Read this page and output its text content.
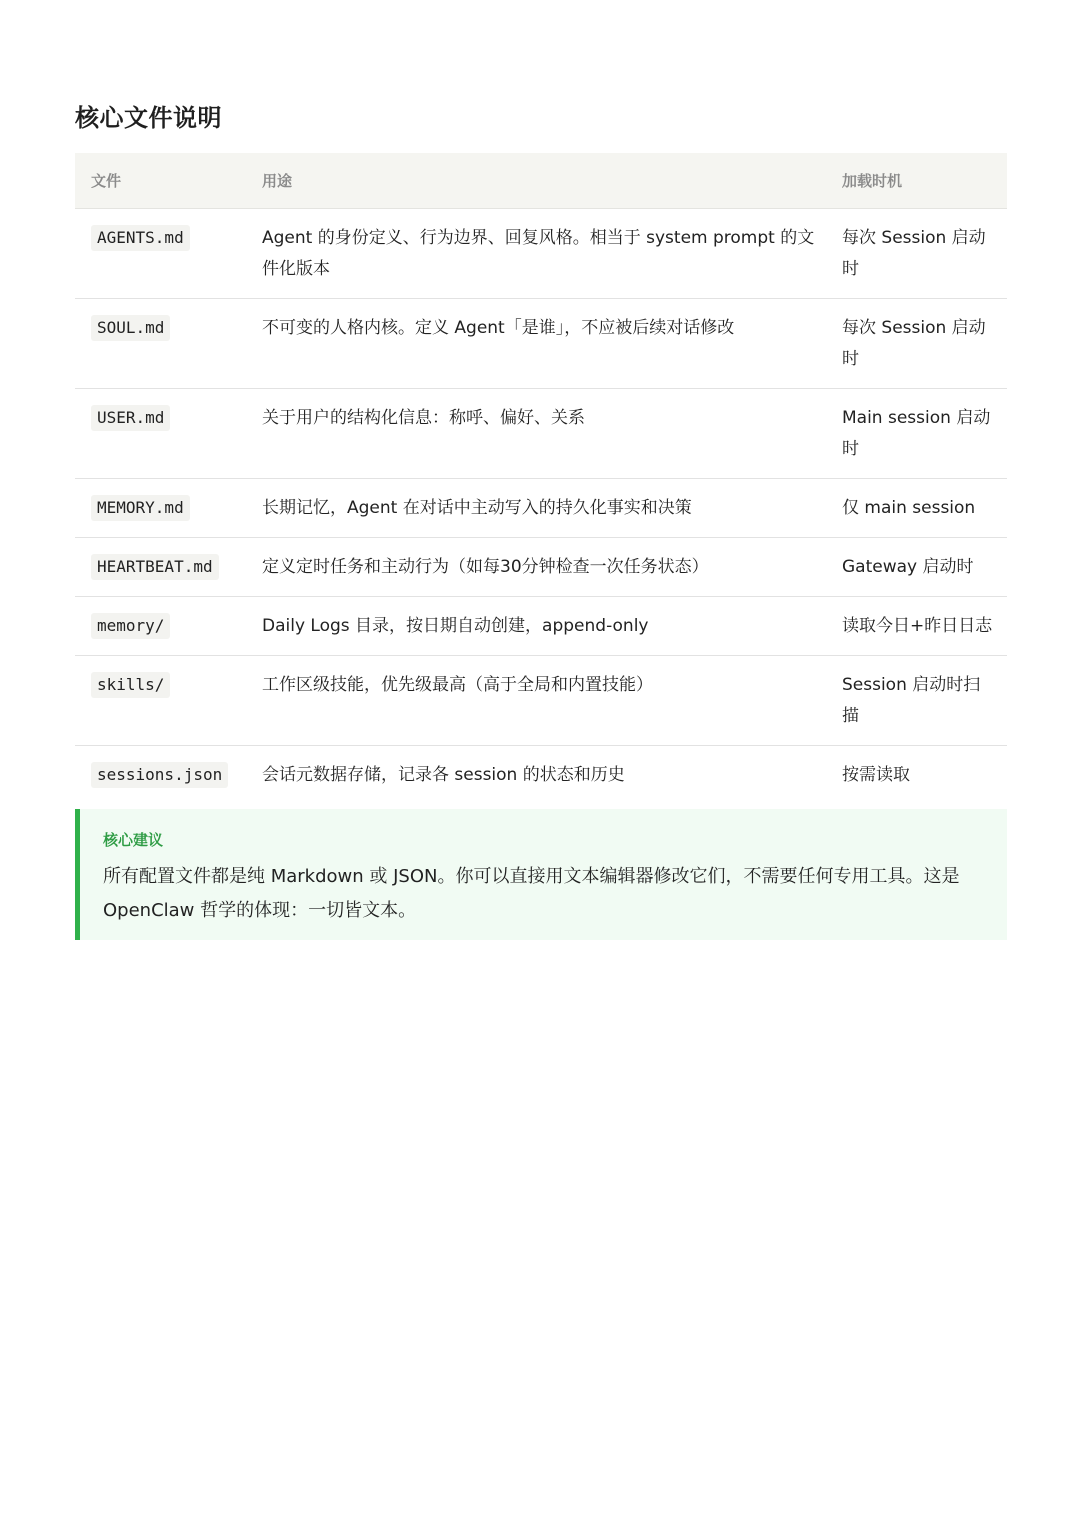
核心文件说明
文件	用途	加载时机
AGENTS.md	Agent 的身份定义、行为边界、回复风格。相当于 system prompt 的文件化版本	每次 Session 启动时
SOUL.md	不可变的人格内核。定义 Agent「是谁」，不应被后续对话修改	每次 Session 启动时
USER.md	关于用户的结构化信息：称呼、偏好、关系	Main session 启动时
MEMORY.md	长期记忆，Agent 在对话中主动写入的持久化事实和决策	仅 main session
HEARTBEAT.md	定义定时任务和主动行为（如每30分钟检查一次任务状态）	Gateway 启动时
memory/	Daily Logs 目录，按日期自动创建，append-only	读取今日+昨日日志
skills/	工作区级技能，优先级最高（高于全局和内置技能）	Session 启动时扫描
sessions.json	会话元数据存储，记录各 session 的状态和历史	按需读取
核心建议
所有配置文件都是纯 Markdown 或 JSON。你可以直接用文本编辑器修改它们，不需要任何专用工具。这是 OpenClaw 哲学的体现：一切皆文本。
